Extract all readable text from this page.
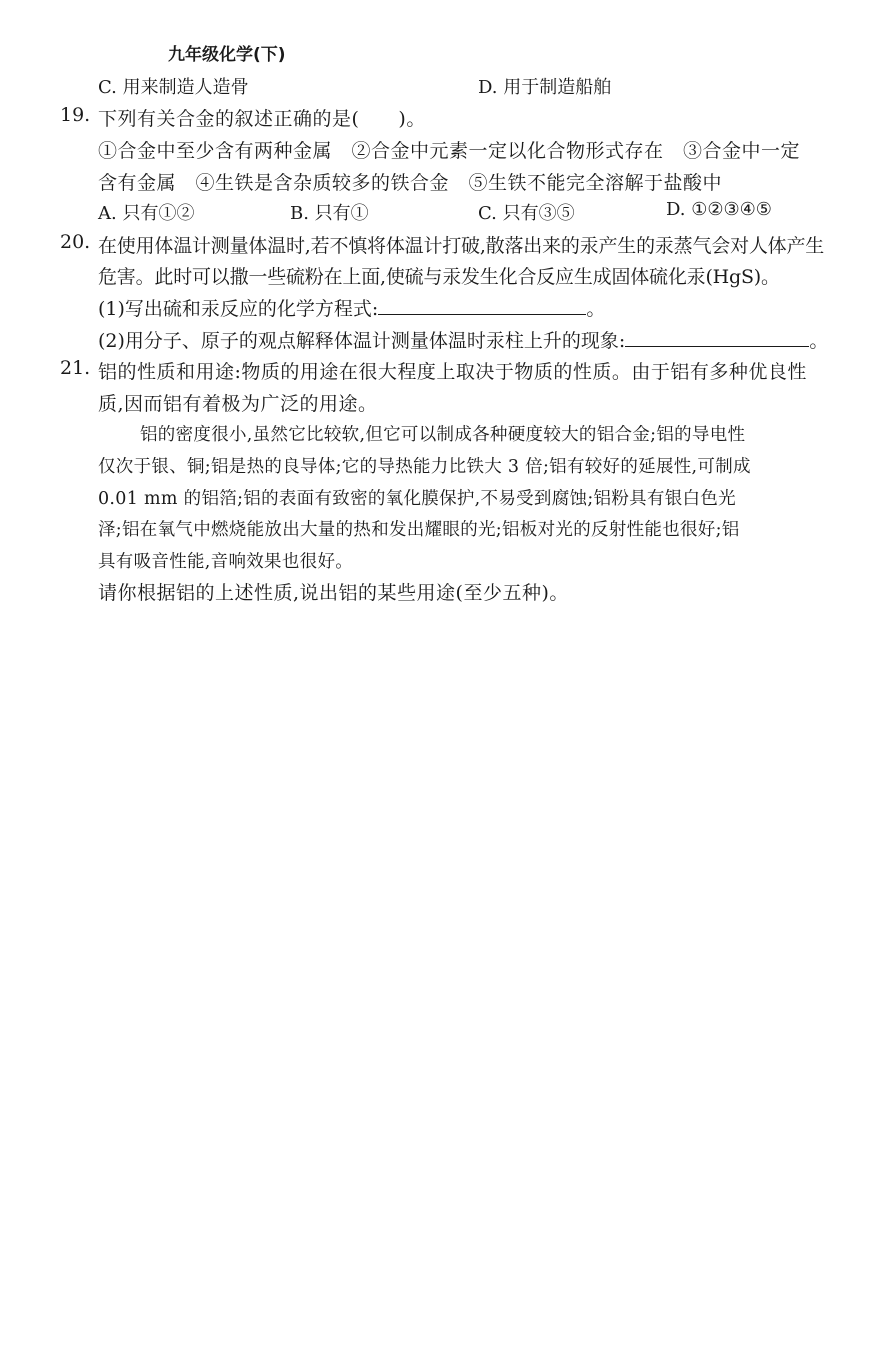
九年级化学(下)
C. 用来制造人造骨	D. 用于制造船舶
19. 下列有关合金的叙述正确的是(　　)。
①合金中至少含有两种金属　②合金中元素一定以化合物形式存在　③合金中一定
含有金属　④生铁是含杂质较多的铁合金　⑤生铁不能完全溶解于盐酸中
A. 只有①②	B. 只有①	C. 只有③⑤	D. ①②③④⑤
20. 在使用体温计测量体温时,若不慎将体温计打破,散落出来的汞产生的汞蒸气会对人体产生
危害。此时可以撒一些硫粉在上面,使硫与汞发生化合反应生成固体硫化汞(HgS)。
(1)写出硫和汞反应的化学方程式:	。
(2)用分子、原子的观点解释体温计测量体温时汞柱上升的现象:	。
21. 铝的性质和用途:物质的用途在很大程度上取决于物质的性质。由于铝有多种优良性
质,因而铝有着极为广泛的用途。
铝的密度很小,虽然它比较软,但它可以制成各种硬度较大的铝合金;铝的导电性
仅次于银、铜;铝是热的良导体;它的导热能力比铁大 3 倍;铝有较好的延展性,可制成
0.01 mm 的铝箔;铝的表面有致密的氧化膜保护,不易受到腐蚀;铝粉具有银白色光
泽;铝在氧气中燃烧能放出大量的热和发出耀眼的光;铝板对光的反射性能也很好;铝
具有吸音性能,音响效果也很好。
请你根据铝的上述性质,说出铝的某些用途(至少五种)。
